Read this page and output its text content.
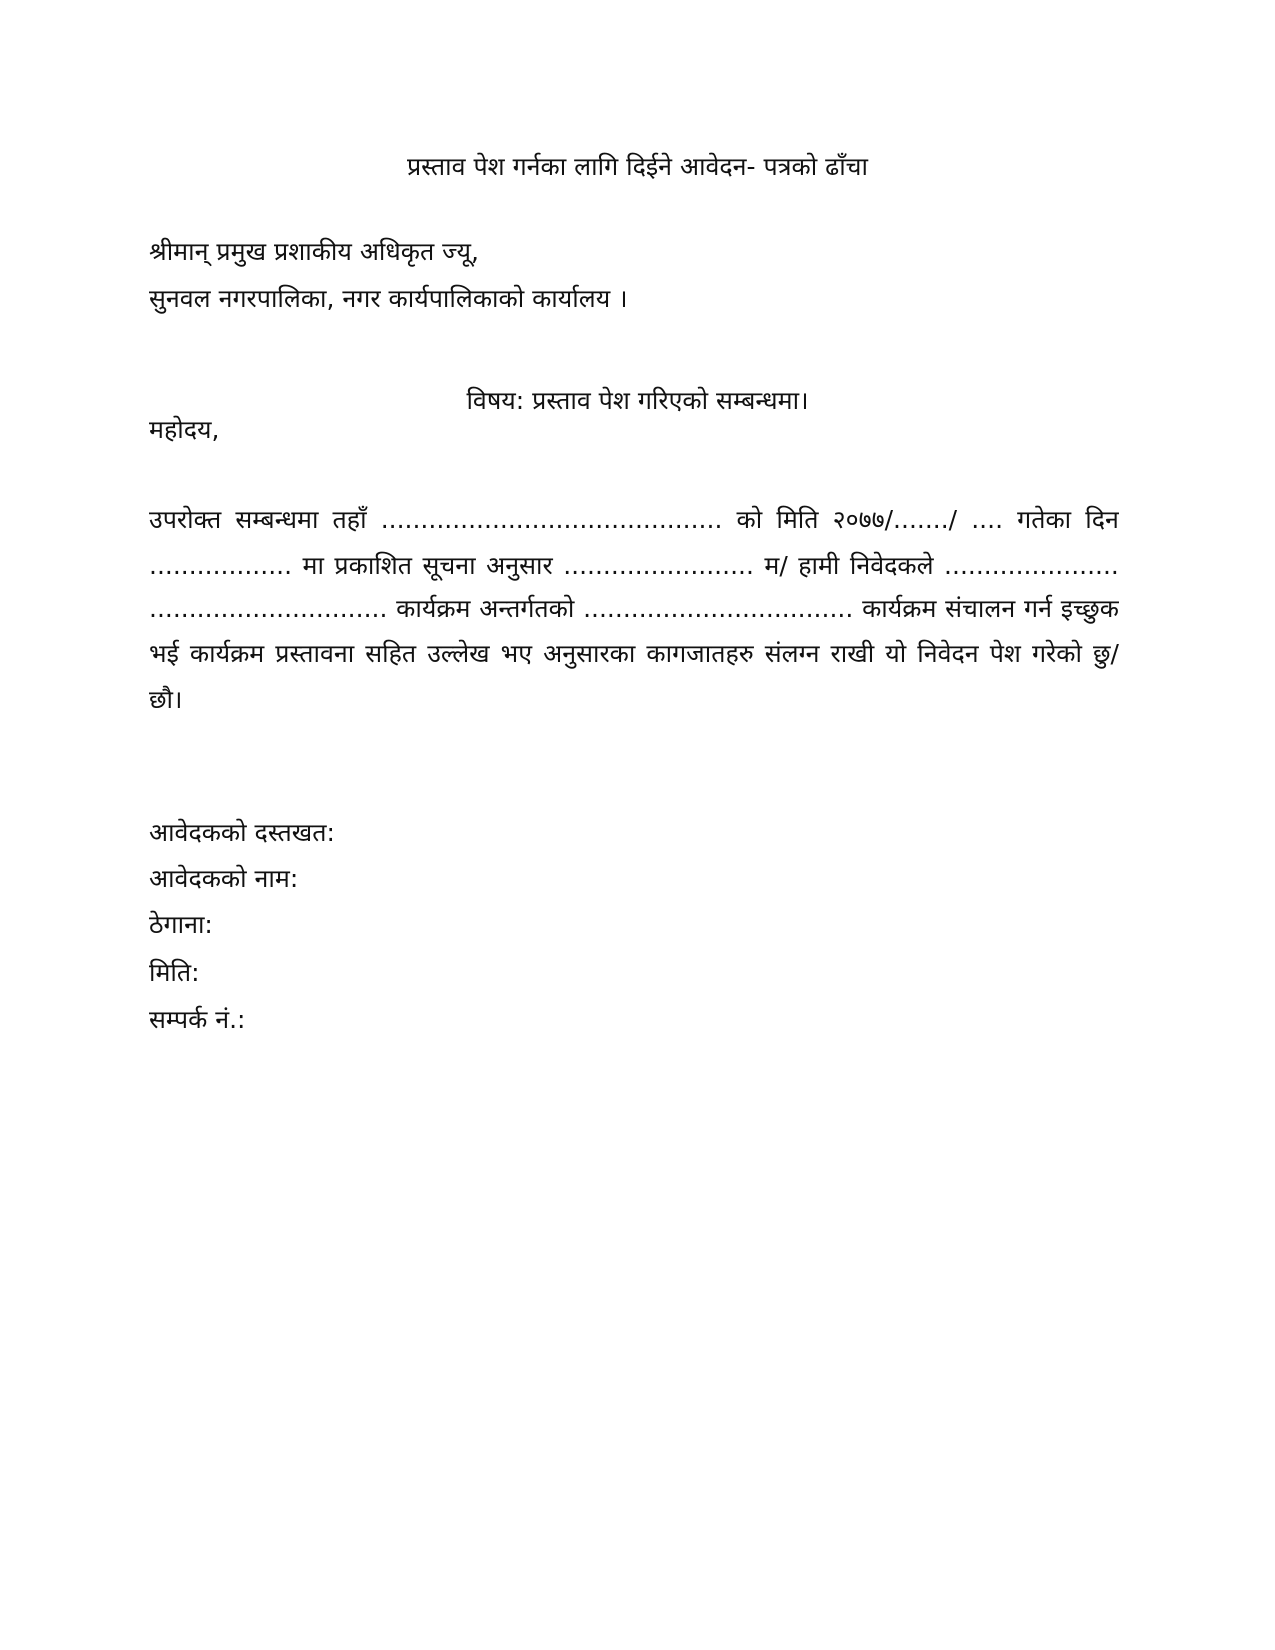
प्रस्ताव पेश गर्नका लागि दिईने आवेदन- पत्रको ढाँचा
श्रीमान् प्रमुख प्रशाकीय अधिकृत ज्यू,
सुनवल नगरपालिका, नगर कार्यपालिकाको कार्यालय ।
विषय: प्रस्ताव पेश गरिएको सम्बन्धमा।
महोदय,
उपरोक्त सम्बन्धमा तहाँ ........................................... को मिति २०७७/......./ .... गतेका दिन
.................. मा प्रकाशित सूचना अनुसार ........................ म/ हामी निवेदकले ......................
.............................. कार्यक्रम अन्तर्गतको .................................. कार्यक्रम संचालन गर्न इच्छुक
भई कार्यक्रम प्रस्तावना सहित उल्लेख भए अनुसारका कागजातहरु संलग्न राखी यो निवेदन पेश गरेको छु/
छौ।
आवेदकको दस्तखत:
आवेदकको नाम:
ठेगाना:
मिति:
सम्पर्क नं.:
